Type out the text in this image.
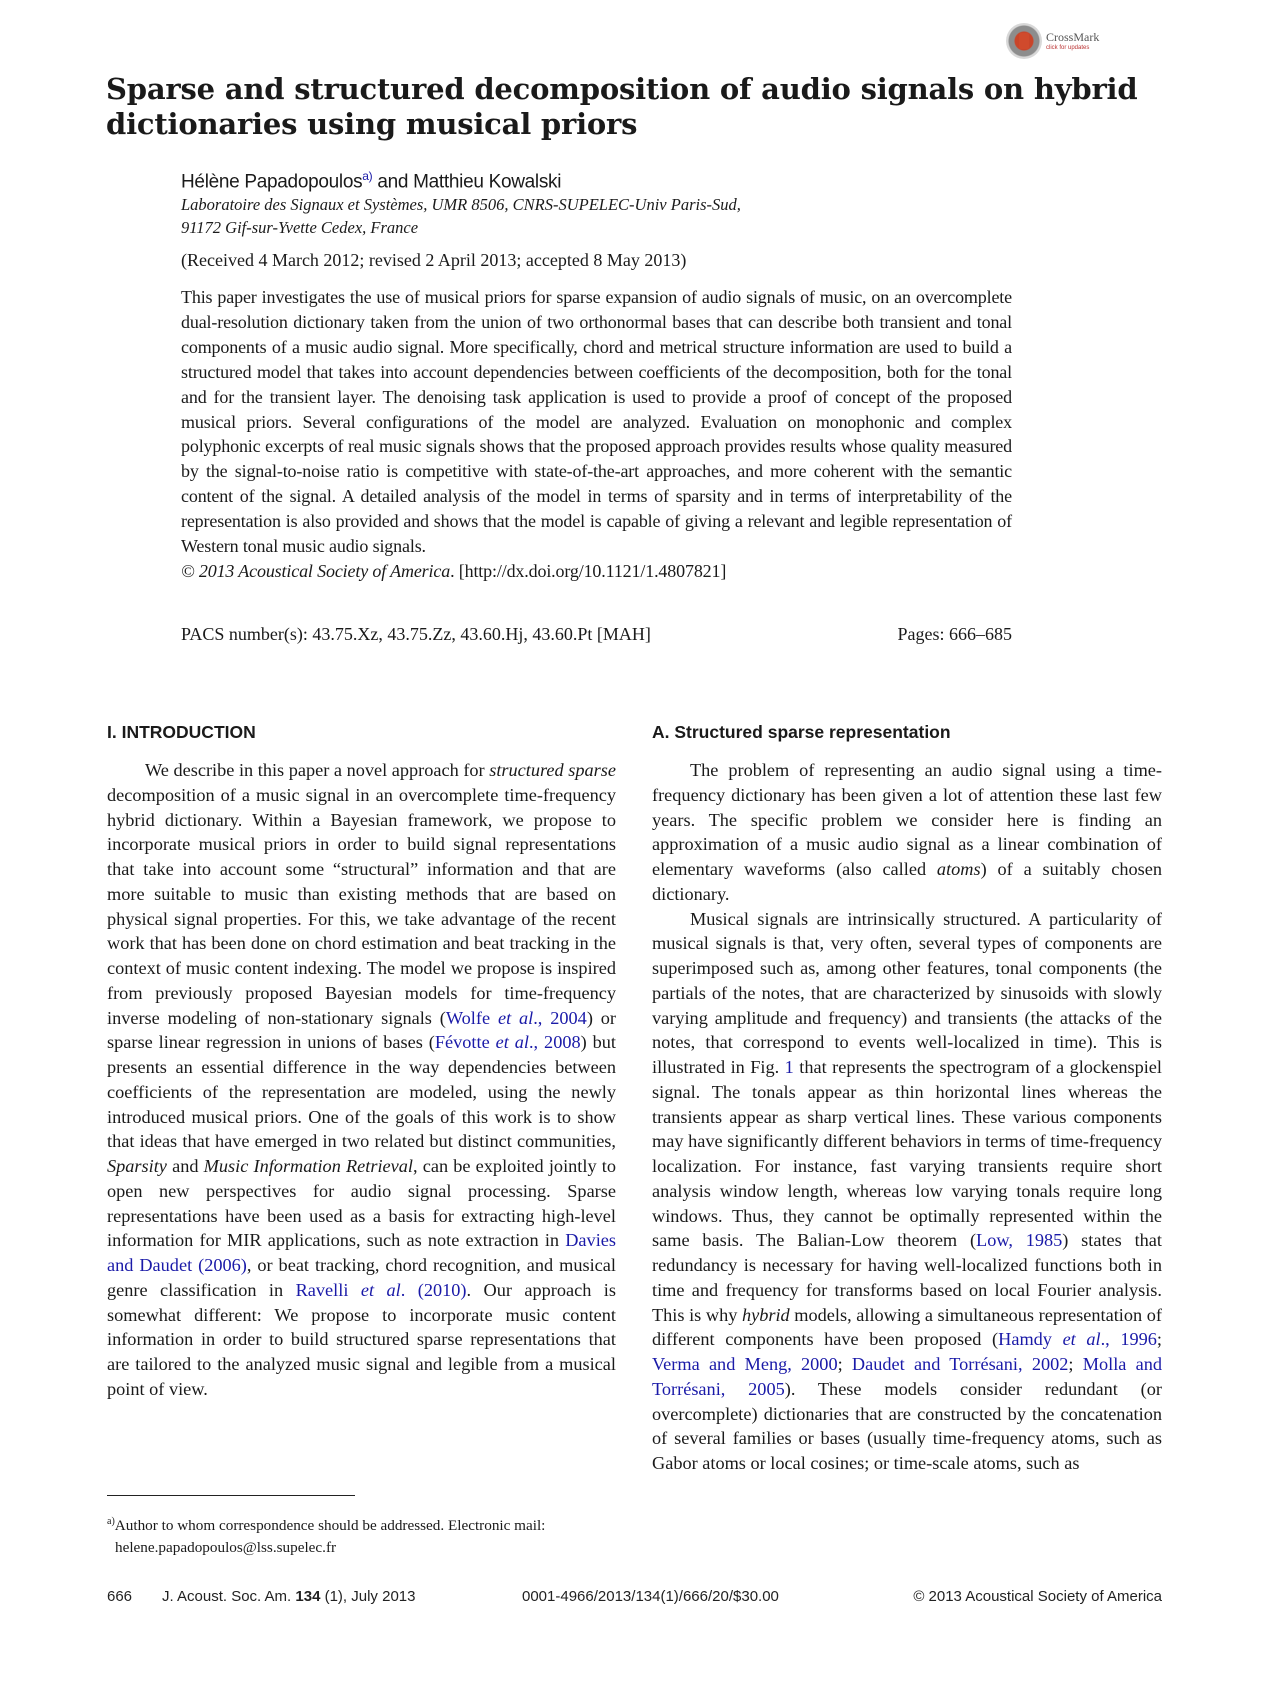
CrossMark
click for updates
Sparse and structured decomposition of audio signals on hybrid dictionaries using musical priors
Hélène Papadopoulos$^{a)}$ and Matthieu Kowalski
Laboratoire des Signaux et Systèmes, UMR 8506, CNRS-SUPELEC-Univ Paris-Sud,
91172 Gif-sur-Yvette Cedex, France
(Received 4 March 2012; revised 2 April 2013; accepted 8 May 2013)
This paper investigates the use of musical priors for sparse expansion of audio signals of music, on an overcomplete dual-resolution dictionary taken from the union of two orthonormal bases that can describe both transient and tonal components of a music audio signal. More specifically, chord and metrical structure information are used to build a structured model that takes into account dependencies between coefficients of the decomposition, both for the tonal and for the transient layer. The denoising task application is used to provide a proof of concept of the proposed musical priors. Several configurations of the model are analyzed. Evaluation on monophonic and complex polyphonic excerpts of real music signals shows that the proposed approach provides results whose quality measured by the signal-to-noise ratio is competitive with state-of-the-art approaches, and more coherent with the semantic content of the signal. A detailed analysis of the model in terms of sparsity and in terms of interpretability of the representation is also provided and shows that the model is capable of giving a relevant and legible representation of Western tonal music audio signals.
© 2013 Acoustical Society of America. [http://dx.doi.org/10.1121/1.4807821]
PACS number(s): 43.75.Xz, 43.75.Zz, 43.60.Hj, 43.60.Pt [MAH]	Pages: 666–685
I. INTRODUCTION	A. Structured sparse representation

We describe in this paper a novel approach for structured sparse decomposition of a music signal in an overcomplete time-frequency hybrid dictionary. Within a Bayesian framework, we propose to incorporate musical priors in order to build signal representations that take into account some “structural” information and that are more suitable to music than existing methods that are based on physical signal properties. For this, we take advantage of the recent work that has been done on chord estimation and beat tracking in the context of music content indexing. The model we propose is inspired from previously proposed Bayesian models for time-frequency inverse modeling of non-stationary signals (Wolfe et al., 2004) or sparse linear regression in unions of bases (Févotte et al., 2008) but presents an essential difference in the way dependencies between coefficients of the representation are modeled, using the newly introduced musical priors. One of the goals of this work is to show that ideas that have emerged in two related but distinct communities, Sparsity and Music Information Retrieval, can be exploited jointly to open new perspectives for audio signal processing. Sparse representations have been used as a basis for extracting high-level information for MIR applications, such as note extraction in Davies and Daudet (2006), or beat tracking, chord recognition, and musical genre classification in Ravelli et al. (2010). Our approach is somewhat different: We propose to incorporate music content information in order to build structured sparse representations that are tailored to the analyzed music signal and legible from a musical point of view.

The problem of representing an audio signal using a time-frequency dictionary has been given a lot of attention these last few years. The specific problem we consider here is finding an approximation of a music audio signal as a linear combination of elementary waveforms (also called atoms) of a suitably chosen dictionary.

Musical signals are intrinsically structured. A particularity of musical signals is that, very often, several types of components are superimposed such as, among other features, tonal components (the partials of the notes, that are characterized by sinusoids with slowly varying amplitude and frequency) and transients (the attacks of the notes, that correspond to events well-localized in time). This is illustrated in Fig. 1 that represents the spectrogram of a glockenspiel signal. The tonals appear as thin horizontal lines whereas the transients appear as sharp vertical lines. These various components may have significantly different behaviors in terms of time-frequency localization. For instance, fast varying transients require short analysis window length, whereas low varying tonals require long windows. Thus, they cannot be optimally represented within the same basis. The Balian-Low theorem (Low, 1985) states that redundancy is necessary for having well-localized functions both in time and frequency for transforms based on local Fourier analysis. This is why hybrid models, allowing a simultaneous representation of different components have been proposed (Hamdy et al., 1996; Verma and Meng, 2000; Daudet and Torrésani, 2002; Molla and Torrésani, 2005). These models consider redundant (or overcomplete) dictionaries that are constructed by the concatenation of several families or bases (usually time-frequency atoms, such as Gabor atoms or local cosines; or time-scale atoms, such as

$^{a)}$Author to whom correspondence should be addressed. Electronic mail:
helene.papadopoulos@lss.supelec.fr
666 J. Acoust. Soc. Am. 134 (1), July 2013	0001-4966/2013/134(1)/666/20/$30.00	© 2013 Acoustical Society of America
